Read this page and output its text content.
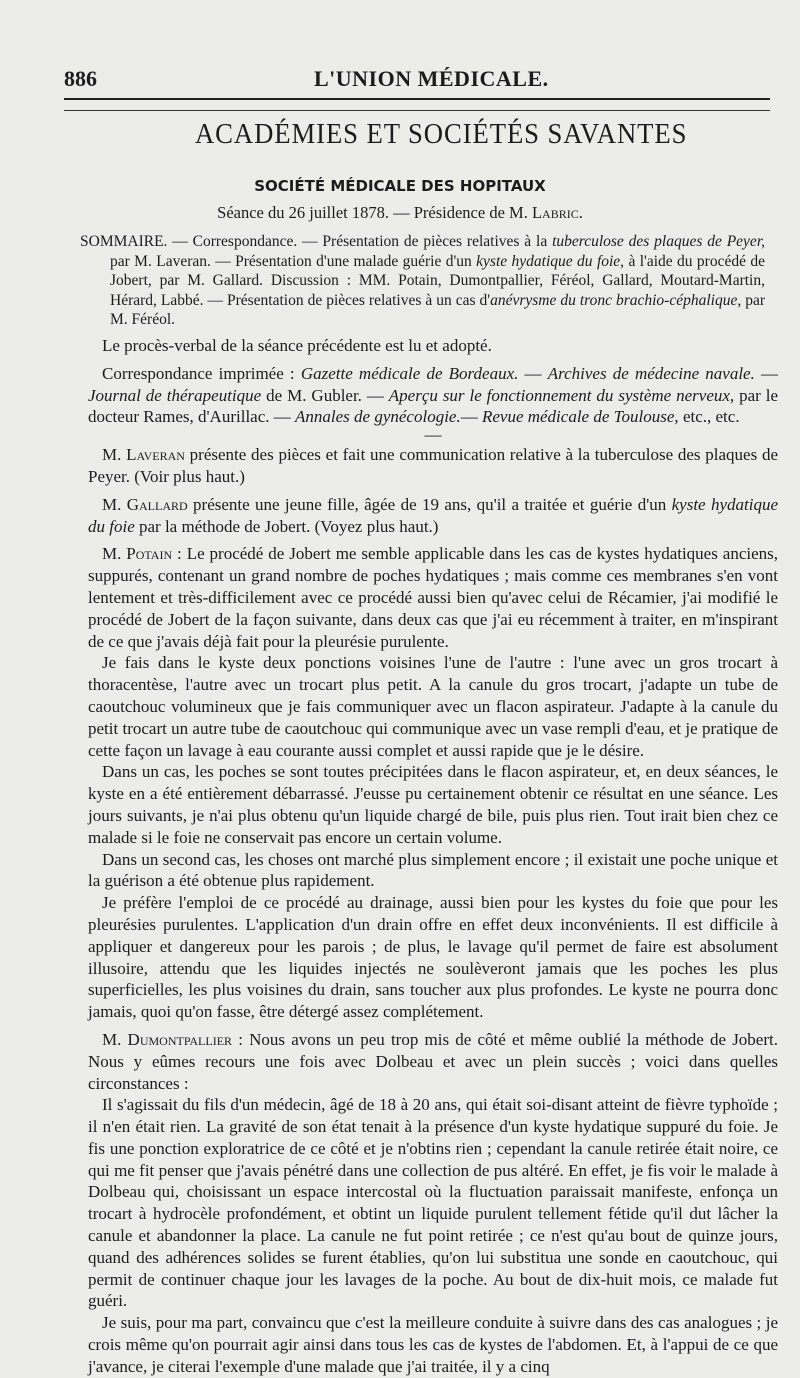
886	L'UNION MÉDICALE.
ACADÉMIES ET SOCIÉTÉS SAVANTES
SOCIÉTÉ MÉDICALE DES HOPITAUX
Séance du 26 juillet 1878. — Présidence de M. Labric.
SOMMAIRE. — Correspondance. — Présentation de pièces relatives à la tuberculose des plaques de Peyer, par M. Laveran. — Présentation d'une malade guérie d'un kyste hydatique du foie, à l'aide du procédé de Jobert, par M. Gallard. Discussion : MM. Potain, Dumontpallier, Féréol, Gallard, Moutard-Martin, Hérard, Labbé. — Présentation de pièces relatives à un cas d'anévrysme du tronc brachio-céphalique, par M. Féréol.

Le procès-verbal de la séance précédente est lu et adopté.

Correspondance imprimée : Gazette médicale de Bordeaux. — Archives de médecine navale. — Journal de thérapeutique de M. Gubler. — Aperçu sur le fonctionnement du système nerveux, par le docteur Rames, d'Aurillac. — Annales de gynécologie.— Revue médicale de Toulouse, etc., etc.

—

M. Laveran présente des pièces et fait une communication relative à la tuberculose des plaques de Peyer. (Voir plus haut.)

M. Gallard présente une jeune fille, âgée de 19 ans, qu'il a traitée et guérie d'un kyste hydatique du foie par la méthode de Jobert. (Voyez plus haut.)

M. Potain : Le procédé de Jobert me semble applicable dans les cas de kystes hydatiques anciens, suppurés, contenant un grand nombre de poches hydatiques ; mais comme ces membranes s'en vont lentement et très-difficilement avec ce procédé aussi bien qu'avec celui de Récamier, j'ai modifié le procédé de Jobert de la façon suivante, dans deux cas que j'ai eu récemment à traiter, en m'inspirant de ce que j'avais déjà fait pour la pleurésie purulente.

Je fais dans le kyste deux ponctions voisines l'une de l'autre : l'une avec un gros trocart à thoracentèse, l'autre avec un trocart plus petit. A la canule du gros trocart, j'adapte un tube de caoutchouc volumineux que je fais communiquer avec un flacon aspirateur. J'adapte à la canule du petit trocart un autre tube de caoutchouc qui communique avec un vase rempli d'eau, et je pratique de cette façon un lavage à eau courante aussi complet et aussi rapide que je le désire.

Dans un cas, les poches se sont toutes précipitées dans le flacon aspirateur, et, en deux séances, le kyste en a été entièrement débarrassé. J'eusse pu certainement obtenir ce résultat en une séance. Les jours suivants, je n'ai plus obtenu qu'un liquide chargé de bile, puis plus rien. Tout irait bien chez ce malade si le foie ne conservait pas encore un certain volume.

Dans un second cas, les choses ont marché plus simplement encore ; il existait une poche unique et la guérison a été obtenue plus rapidement.

Je préfère l'emploi de ce procédé au drainage, aussi bien pour les kystes du foie que pour les pleurésies purulentes. L'application d'un drain offre en effet deux inconvénients. Il est difficile à appliquer et dangereux pour les parois ; de plus, le lavage qu'il permet de faire est absolument illusoire, attendu que les liquides injectés ne soulèveront jamais que les poches les plus superficielles, les plus voisines du drain, sans toucher aux plus profondes. Le kyste ne pourra donc jamais, quoi qu'on fasse, être détergé assez complétement.

M. Dumontpallier : Nous avons un peu trop mis de côté et même oublié la méthode de Jobert. Nous y eûmes recours une fois avec Dolbeau et avec un plein succès ; voici dans quelles circonstances :

Il s'agissait du fils d'un médecin, âgé de 18 à 20 ans, qui était soi-disant atteint de fièvre typhoïde ; il n'en était rien. La gravité de son état tenait à la présence d'un kyste hydatique suppuré du foie. Je fis une ponction exploratrice de ce côté et je n'obtins rien ; cependant la canule retirée était noire, ce qui me fit penser que j'avais pénétré dans une collection de pus altéré. En effet, je fis voir le malade à Dolbeau qui, choisissant un espace intercostal où la fluctuation paraissait manifeste, enfonça un trocart à hydrocèle profondément, et obtint un liquide purulent tellement fétide qu'il dut lâcher la canule et abandonner la place. La canule ne fut point retirée ; ce n'est qu'au bout de quinze jours, quand des adhérences solides se furent établies, qu'on lui substitua une sonde en caoutchouc, qui permit de continuer chaque jour les lavages de la poche. Au bout de dix-huit mois, ce malade fut guéri.

Je suis, pour ma part, convaincu que c'est la meilleure conduite à suivre dans des cas analogues ; je crois même qu'on pourrait agir ainsi dans tous les cas de kystes de l'abdomen. Et, à l'appui de ce que j'avance, je citerai l'exemple d'une malade que j'ai traitée, il y a cinq
